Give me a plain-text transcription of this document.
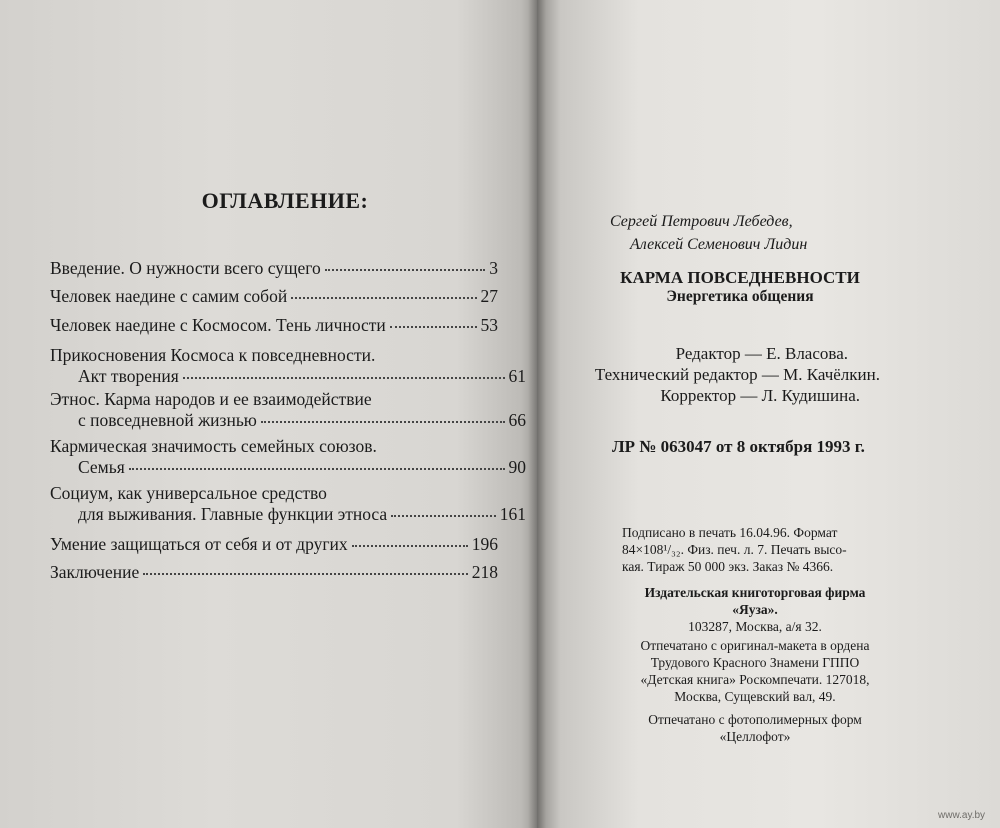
ОГЛАВЛЕНИЕ:
Введение. О нужности всего сущего	3
Человек наедине с самим собой	27
Человек наедине с Космосом. Тень личности	53
Прикосновения Космоса к повседневности.
Акт творения	61
Этнос. Карма народов и ее взаимодействие
с повседневной жизнью	66
Кармическая значимость семейных союзов.
Семья	90
Социум, как универсальное средство
для выживания. Главные функции этноса	161
Умение защищаться от себя и от других	196
Заключение	218
Сергей Петрович Лебедев,
Алексей Семенович Лидин
КАРМА ПОВСЕДНЕВНОСТИ
Энергетика общения
Редактор — Е. Власова.
Технический редактор — М. Качёлкин.
Корректор — Л. Кудишина.
ЛР № 063047 от 8 октября 1993 г.
Подписано в печать 16.04.96. Формат
84×108¹/₃₂. Физ. печ. л. 7. Печать высо-
кая. Тираж 50 000 экз. Заказ № 4366.
Издательская книготорговая фирма
«Яуза».
103287, Москва, а/я 32.
Отпечатано с оригинал-макета в ордена
Трудового Красного Знамени ГППО
«Детская книга» Роскомпечати. 127018,
Москва, Сущевский вал, 49.
Отпечатано с фотополимерных форм
«Целлофот»
www.ay.by
